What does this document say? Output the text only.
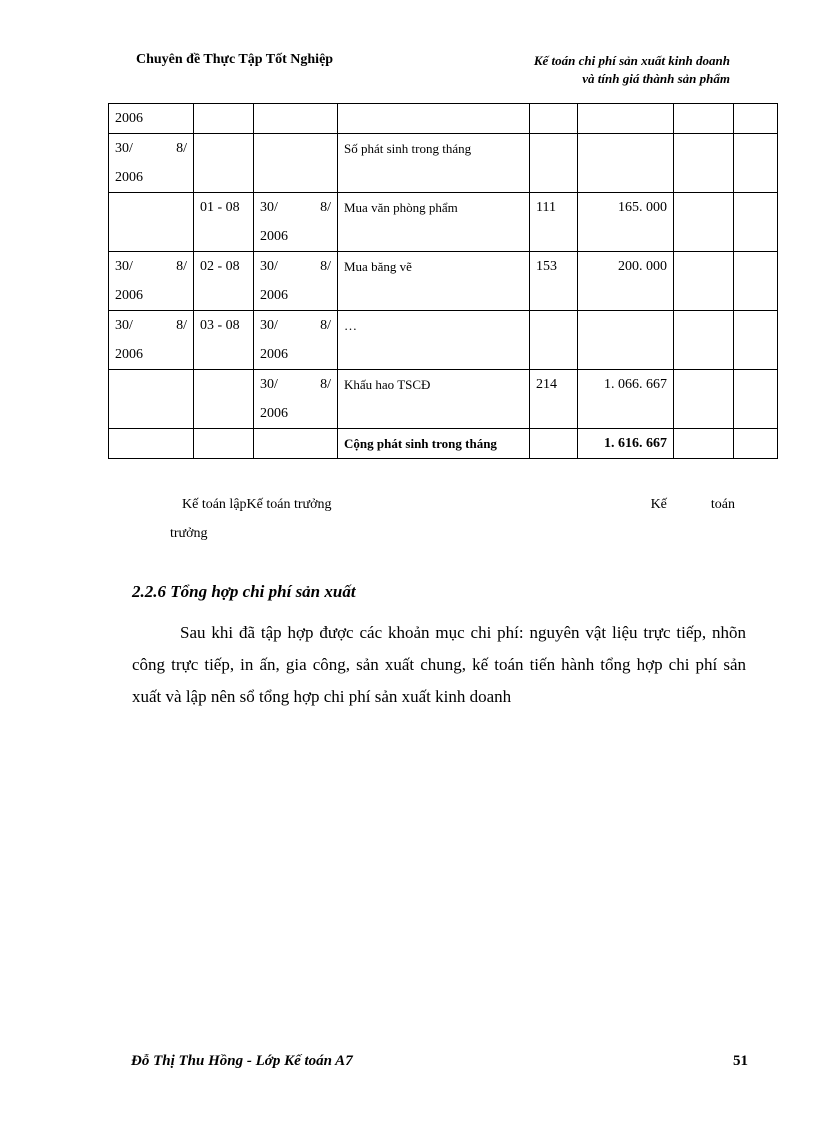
Chuyên đề Thực Tập Tốt Nghiệp	Kế toán chi phí sản xuất kinh doanh
và tính giá thành sản phẩm
2006							

30/ 8/
2006			Số phát sinh trong tháng				
	01 - 08	30/ 8/
2006	Mua văn phòng phẩm	111	165. 000		

30/ 8/
2006	02 - 08	30/ 8/
2006	Mua băng vẽ	153	200. 000		

30/ 8/
2006	03 - 08	30/ 8/
2006	…				

		30/ 8/
2006	Khấu hao TSCĐ	214	1. 066. 667		
			Cộng phát sinh trong tháng		1. 616. 667		
Kế toán lậpKế toán trưởng	Kế	toán
trưởng
2.2.6 Tổng hợp chi phí sản xuất
Sau khi đã tập hợp được các khoản mục chi phí: nguyên vật liệu trực tiếp, nhõn công trực tiếp, in ấn, gia công, sản xuất chung, kế toán tiến hành tổng hợp chi phí sản xuất và lập nên sổ tổng hợp chi phí sản xuất kinh doanh
Đỗ Thị Thu Hồng - Lớp Kế toán A7	51
